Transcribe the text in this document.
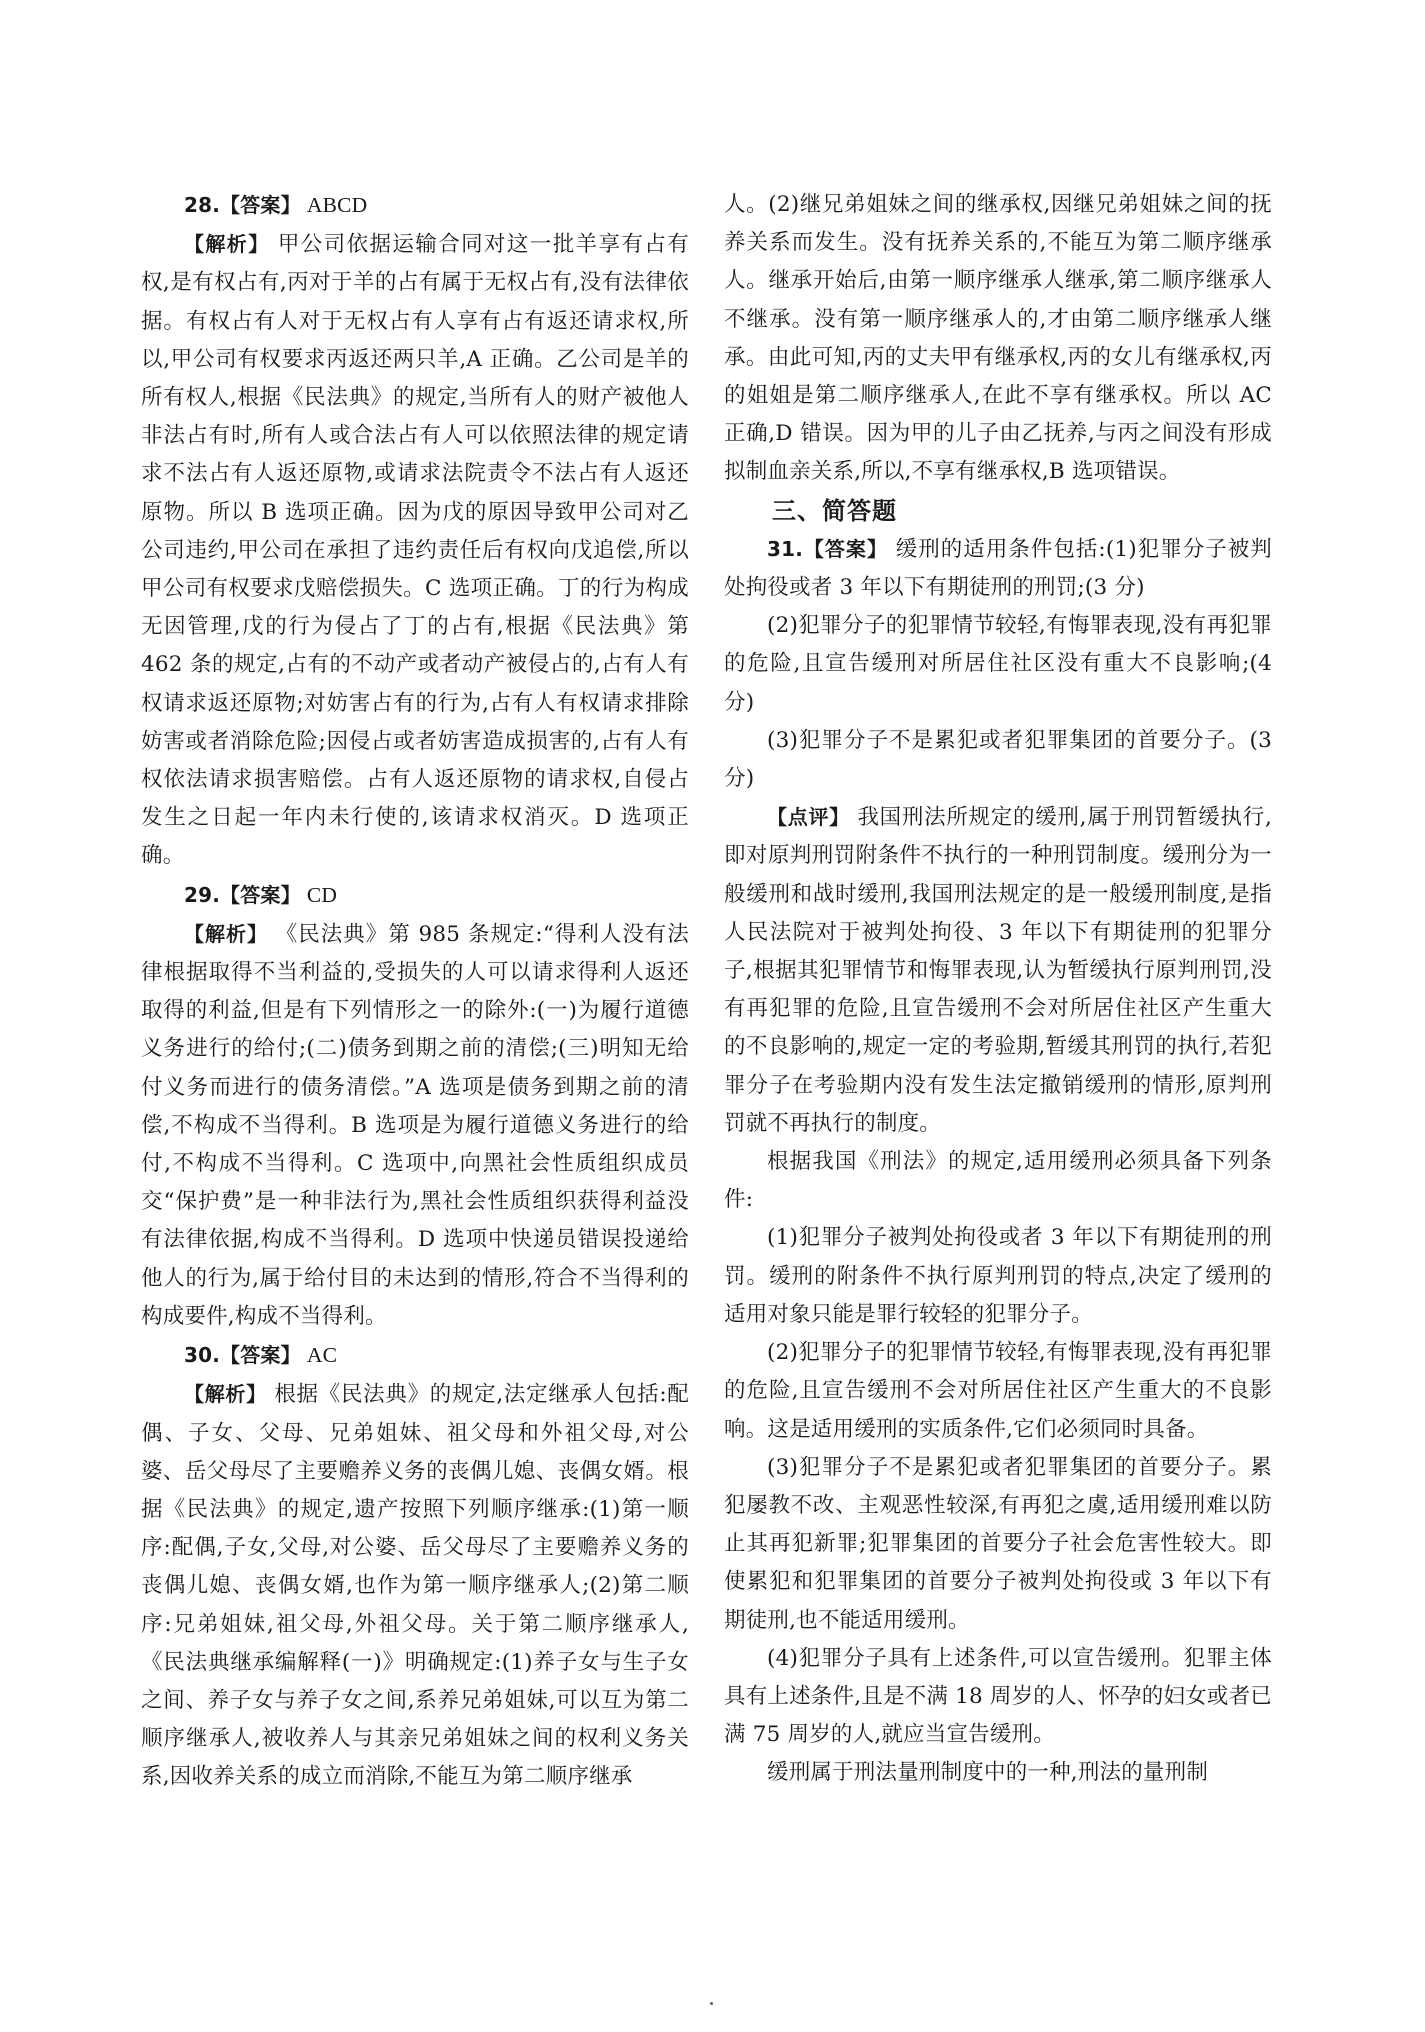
28.【答案】 ABCD

【解析】 甲公司依据运输合同对这一批羊享有占有权,是有权占有,丙对于羊的占有属于无权占有,没有法律依据。有权占有人对于无权占有人享有占有返还请求权,所以,甲公司有权要求丙返还两只羊,A 正确。乙公司是羊的所有权人,根据《民法典》的规定,当所有人的财产被他人非法占有时,所有人或合法占有人可以依照法律的规定请求不法占有人返还原物,或请求法院责令不法占有人返还原物。所以 B 选项正确。因为戊的原因导致甲公司对乙公司违约,甲公司在承担了违约责任后有权向戊追偿,所以甲公司有权要求戊赔偿损失。C 选项正确。丁的行为构成无因管理,戊的行为侵占了丁的占有,根据《民法典》第 462 条的规定,占有的不动产或者动产被侵占的,占有人有权请求返还原物;对妨害占有的行为,占有人有权请求排除妨害或者消除危险;因侵占或者妨害造成损害的,占有人有权依法请求损害赔偿。占有人返还原物的请求权,自侵占发生之日起一年内未行使的,该请求权消灭。D 选项正确。

29.【答案】 CD

【解析】 《民法典》第 985 条规定:“得利人没有法律根据取得不当利益的,受损失的人可以请求得利人返还取得的利益,但是有下列情形之一的除外:(一)为履行道德义务进行的给付;(二)债务到期之前的清偿;(三)明知无给付义务而进行的债务清偿。”A 选项是债务到期之前的清偿,不构成不当得利。B 选项是为履行道德义务进行的给付,不构成不当得利。C 选项中,向黑社会性质组织成员交“保护费”是一种非法行为,黑社会性质组织获得利益没有法律依据,构成不当得利。D 选项中快递员错误投递给他人的行为,属于给付目的未达到的情形,符合不当得利的构成要件,构成不当得利。

30.【答案】 AC

【解析】 根据《民法典》的规定,法定继承人包括:配偶、子女、父母、兄弟姐妹、祖父母和外祖父母,对公婆、岳父母尽了主要赡养义务的丧偶儿媳、丧偶女婿。根据《民法典》的规定,遗产按照下列顺序继承:(1)第一顺序:配偶,子女,父母,对公婆、岳父母尽了主要赡养义务的丧偶儿媳、丧偶女婿,也作为第一顺序继承人;(2)第二顺序:兄弟姐妹,祖父母,外祖父母。关于第二顺序继承人,《民法典继承编解释(一)》明确规定:(1)养子女与生子女之间、养子女与养子女之间,系养兄弟姐妹,可以互为第二顺序继承人,被收养人与其亲兄弟姐妹之间的权利义务关系,因收养关系的成立而消除,不能互为第二顺序继承

人。(2)继兄弟姐妹之间的继承权,因继兄弟姐妹之间的抚养关系而发生。没有抚养关系的,不能互为第二顺序继承人。继承开始后,由第一顺序继承人继承,第二顺序继承人不继承。没有第一顺序继承人的,才由第二顺序继承人继承。由此可知,丙的丈夫甲有继承权,丙的女儿有继承权,丙的姐姐是第二顺序继承人,在此不享有继承权。所以 AC 正确,D 错误。因为甲的儿子由乙抚养,与丙之间没有形成拟制血亲关系,所以,不享有继承权,B 选项错误。

三、简答题

31.【答案】 缓刑的适用条件包括:(1)犯罪分子被判处拘役或者 3 年以下有期徒刑的刑罚;(3 分)

(2)犯罪分子的犯罪情节较轻,有悔罪表现,没有再犯罪的危险,且宣告缓刑对所居住社区没有重大不良影响;(4 分)

(3)犯罪分子不是累犯或者犯罪集团的首要分子。(3 分)

【点评】 我国刑法所规定的缓刑,属于刑罚暂缓执行,即对原判刑罚附条件不执行的一种刑罚制度。缓刑分为一般缓刑和战时缓刑,我国刑法规定的是一般缓刑制度,是指人民法院对于被判处拘役、3 年以下有期徒刑的犯罪分子,根据其犯罪情节和悔罪表现,认为暂缓执行原判刑罚,没有再犯罪的危险,且宣告缓刑不会对所居住社区产生重大的不良影响的,规定一定的考验期,暂缓其刑罚的执行,若犯罪分子在考验期内没有发生法定撤销缓刑的情形,原判刑罚就不再执行的制度。

根据我国《刑法》的规定,适用缓刑必须具备下列条件:

(1)犯罪分子被判处拘役或者 3 年以下有期徒刑的刑罚。缓刑的附条件不执行原判刑罚的特点,决定了缓刑的适用对象只能是罪行较轻的犯罪分子。

(2)犯罪分子的犯罪情节较轻,有悔罪表现,没有再犯罪的危险,且宣告缓刑不会对所居住社区产生重大的不良影响。这是适用缓刑的实质条件,它们必须同时具备。

(3)犯罪分子不是累犯或者犯罪集团的首要分子。累犯屡教不改、主观恶性较深,有再犯之虞,适用缓刑难以防止其再犯新罪;犯罪集团的首要分子社会危害性较大。即使累犯和犯罪集团的首要分子被判处拘役或 3 年以下有期徒刑,也不能适用缓刑。

(4)犯罪分子具有上述条件,可以宣告缓刑。犯罪主体具有上述条件,且是不满 18 周岁的人、怀孕的妇女或者已满 75 周岁的人,就应当宣告缓刑。

缓刑属于刑法量刑制度中的一种,刑法的量刑制
